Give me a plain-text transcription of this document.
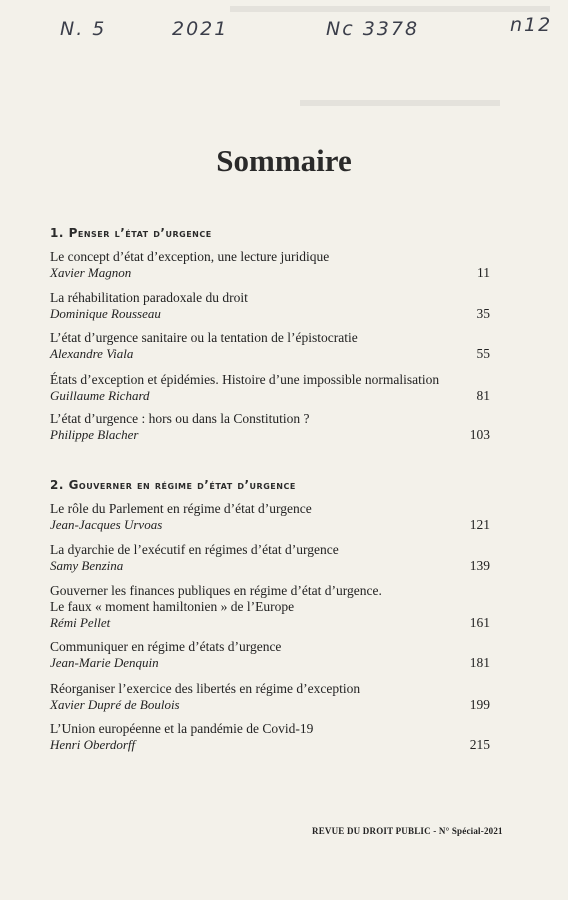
N. 5	2021	Nc 3378	n12
Sommaire
1. Penser l’état d’urgence
Le concept d’état d’exception, une lecture juridique
Xavier Magnon	11
La réhabilitation paradoxale du droit
Dominique Rousseau	35
L’état d’urgence sanitaire ou la tentation de l’épistocratie
Alexandre Viala	55
États d’exception et épidémies. Histoire d’une impossible normalisation
Guillaume Richard	81
L’état d’urgence : hors ou dans la Constitution ?
Philippe Blacher	103
2. Gouverner en régime d’état d’urgence
Le rôle du Parlement en régime d’état d’urgence
Jean-Jacques Urvoas	121
La dyarchie de l’exécutif en régimes d’état d’urgence
Samy Benzina	139
Gouverner les finances publiques en régime d’état d’urgence.
Le faux « moment hamiltonien » de l’Europe
Rémi Pellet	161
Communiquer en régime d’états d’urgence
Jean-Marie Denquin	181
Réorganiser l’exercice des libertés en régime d’exception
Xavier Dupré de Boulois	199
L’Union européenne et la pandémie de Covid-19
Henri Oberdorff	215
REVUE DU DROIT PUBLIC - N° Spécial-2021
